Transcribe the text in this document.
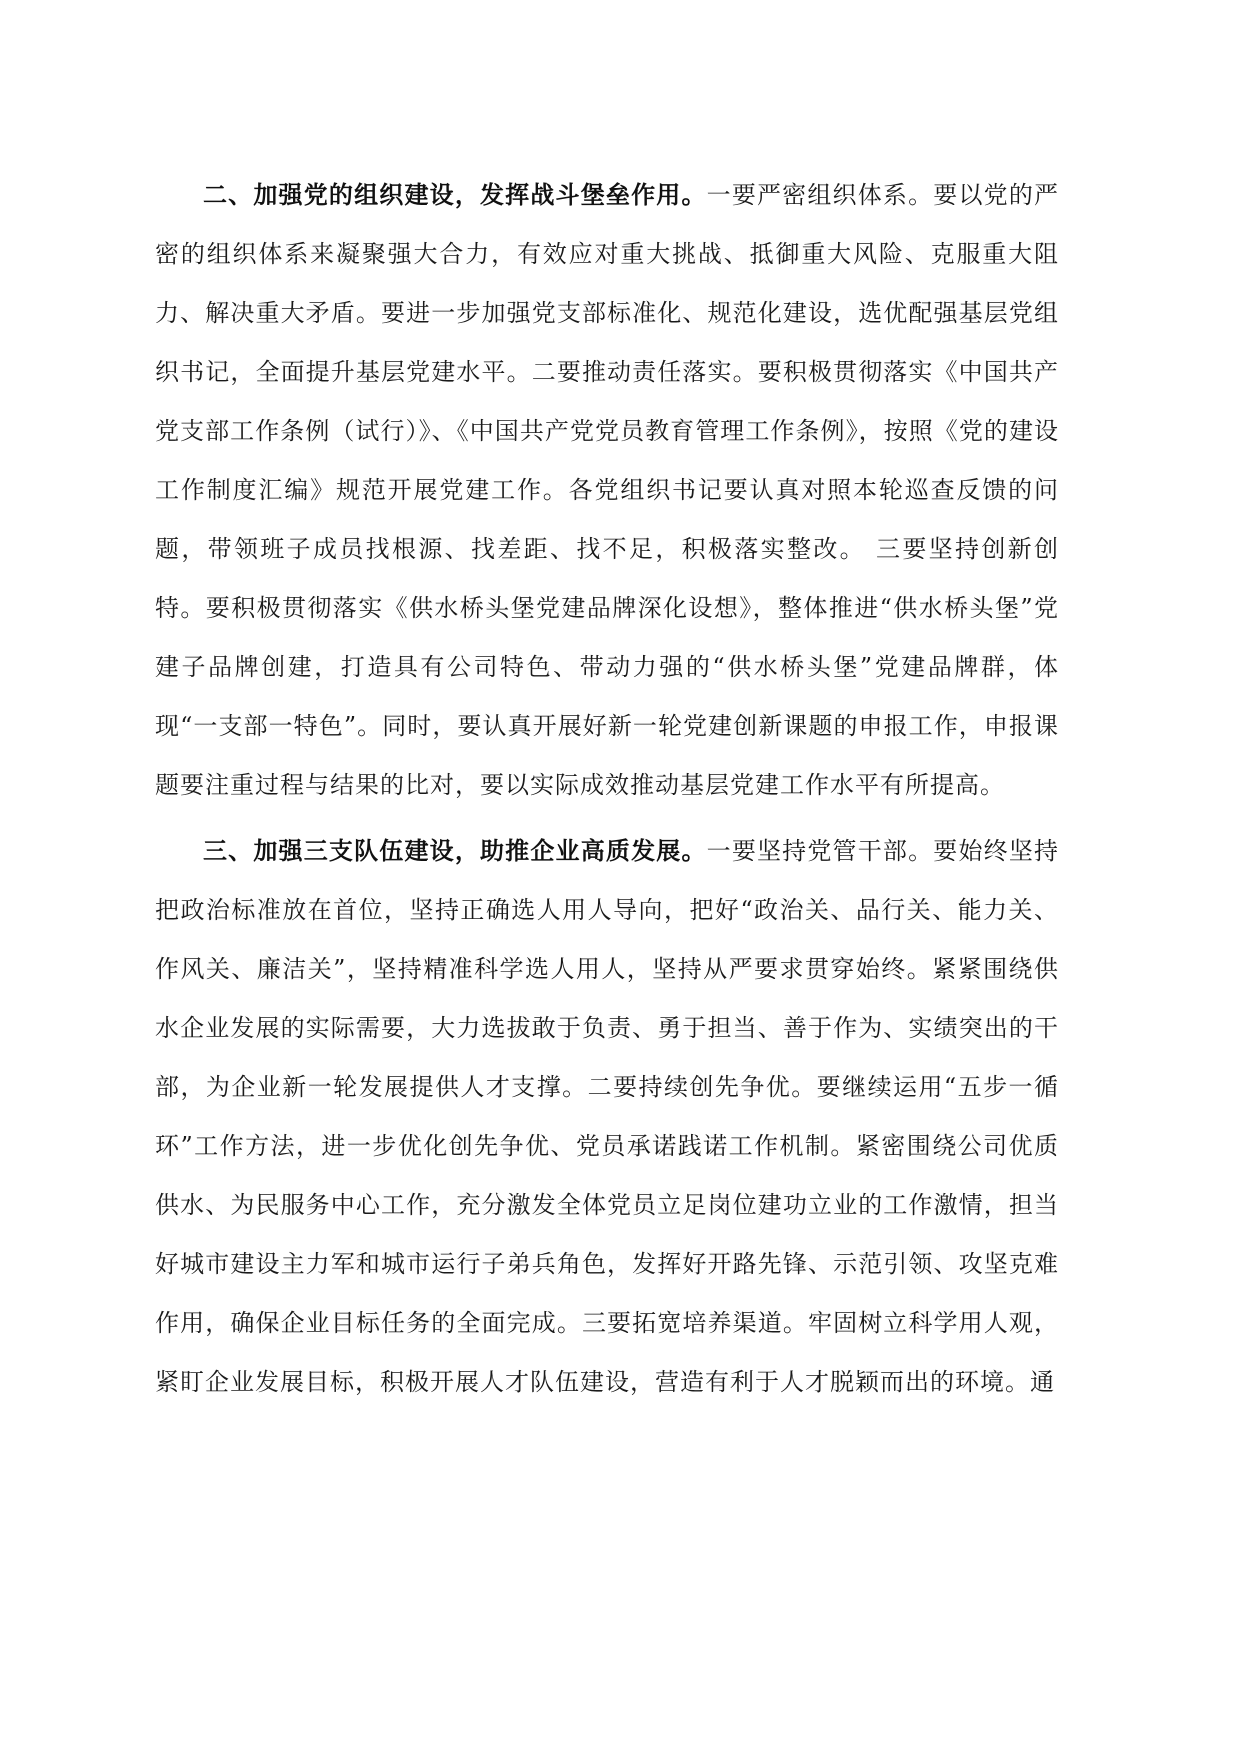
二、加强党的组织建设，发挥战斗堡垒作用。一要严密组织体系。要以党的严密的组织体系来凝聚强大合力，有效应对重大挑战、抵御重大风险、克服重大阻力、解决重大矛盾。要进一步加强党支部标准化、规范化建设，选优配强基层党组织书记，全面提升基层党建水平。二要推动责任落实。要积极贯彻落实《中国共产党支部工作条例（试行）》、《中国共产党党员教育管理工作条例》，按照《党的建设工作制度汇编》规范开展党建工作。各党组织书记要认真对照本轮巡查反馈的问题，带领班子成员找根源、找差距、找不足，积极落实整改。 三要坚持创新创特。要积极贯彻落实《供水桥头堡党建品牌深化设想》，整体推进“供水桥头堡”党建子品牌创建，打造具有公司特色、带动力强的“供水桥头堡”党建品牌群，体现“一支部一特色”。同时，要认真开展好新一轮党建创新课题的申报工作，申报课题要注重过程与结果的比对，要以实际成效推动基层党建工作水平有所提高。

三、加强三支队伍建设，助推企业高质发展。一要坚持党管干部。要始终坚持把政治标准放在首位，坚持正确选人用人导向，把好“政治关、品行关、能力关、作风关、廉洁关”，坚持精准科学选人用人，坚持从严要求贯穿始终。紧紧围绕供水企业发展的实际需要，大力选拔敢于负责、勇于担当、善于作为、实绩突出的干部，为企业新一轮发展提供人才支撑。二要持续创先争优。要继续运用“五步一循环”工作方法，进一步优化创先争优、党员承诺践诺工作机制。紧密围绕公司优质供水、为民服务中心工作，充分激发全体党员立足岗位建功立业的工作激情，担当好城市建设主力军和城市运行子弟兵角色，发挥好开路先锋、示范引领、攻坚克难作用，确保企业目标任务的全面完成。三要拓宽培养渠道。牢固树立科学用人观，紧盯企业发展目标，积极开展人才队伍建设，营造有利于人才脱颖而出的环境。通
